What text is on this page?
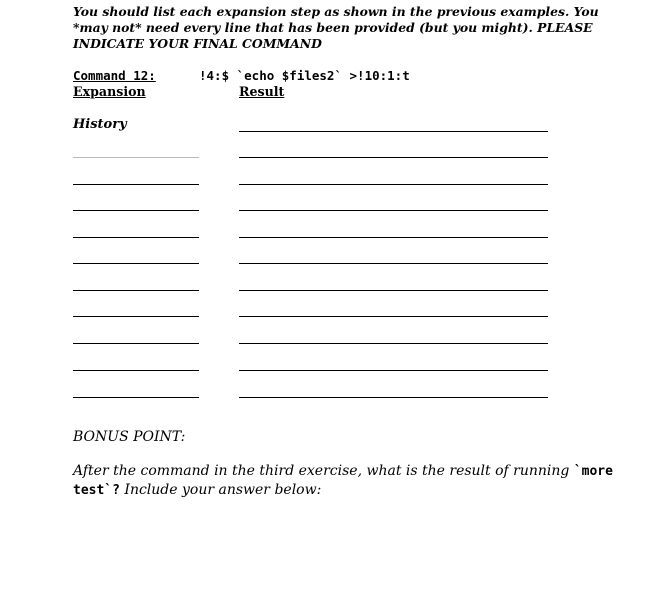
You should list each expansion step as shown in the previous examples. You *may not* need every line that has been provided (but you might). PLEASE INDICATE YOUR FINAL COMMAND
Command 12:	!4:$ `echo $files2` >!10:1:t
Expansion	Result
History
BONUS POINT:
After the command in the third exercise, what is the result of running `more test`? Include your answer below:
